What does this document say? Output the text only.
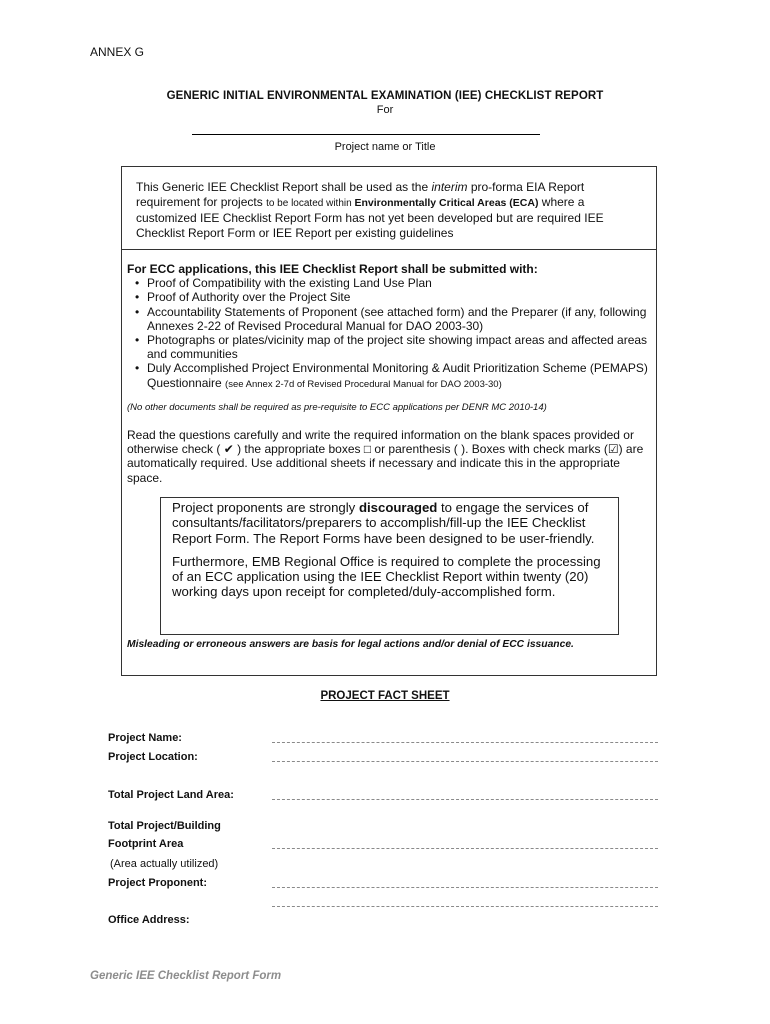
ANNEX G
GENERIC INITIAL ENVIRONMENTAL EXAMINATION (IEE) CHECKLIST REPORT
For
Project name or Title
This Generic IEE Checklist Report shall be used as the interim pro-forma EIA Report requirement for projects to be located within Environmentally Critical Areas (ECA) where a customized IEE Checklist Report Form has not yet been developed but are required IEE Checklist Report Form or IEE Report per existing guidelines
For ECC applications, this IEE Checklist Report shall be submitted with:
• Proof of Compatibility with the existing Land Use Plan
• Proof of Authority over the Project Site
• Accountability Statements of Proponent (see attached form) and the Preparer (if any, following Annexes 2-22 of Revised Procedural Manual for DAO 2003-30)
• Photographs or plates/vicinity map of the project site showing impact areas and affected areas and communities
• Duly Accomplished Project Environmental Monitoring & Audit Prioritization Scheme (PEMAPS) Questionnaire (see Annex 2-7d of Revised Procedural Manual for DAO 2003-30)
(No other documents shall be required as pre-requisite to ECC applications per DENR MC 2010-14)
Read the questions carefully and write the required information on the blank spaces provided or otherwise check ( ✔ ) the appropriate boxes □ or parenthesis ( ). Boxes with check marks (☑) are automatically required. Use additional sheets if necessary and indicate this in the appropriate space.

Project proponents are strongly discouraged to engage the services of consultants/facilitators/preparers to accomplish/fill-up the IEE Checklist Report Form. The Report Forms have been designed to be user-friendly.

Furthermore, EMB Regional Office is required to complete the processing of an ECC application using the IEE Checklist Report within twenty (20) working days upon receipt for completed/duly-accomplished form.

Misleading or erroneous answers are basis for legal actions and/or denial of ECC issuance.
PROJECT FACT SHEET
Project Name:
Project Location:
Total Project Land Area:
Total Project/Building
Footprint Area
(Area actually utilized)
Project Proponent:
Office Address:
Generic IEE Checklist Report Form
